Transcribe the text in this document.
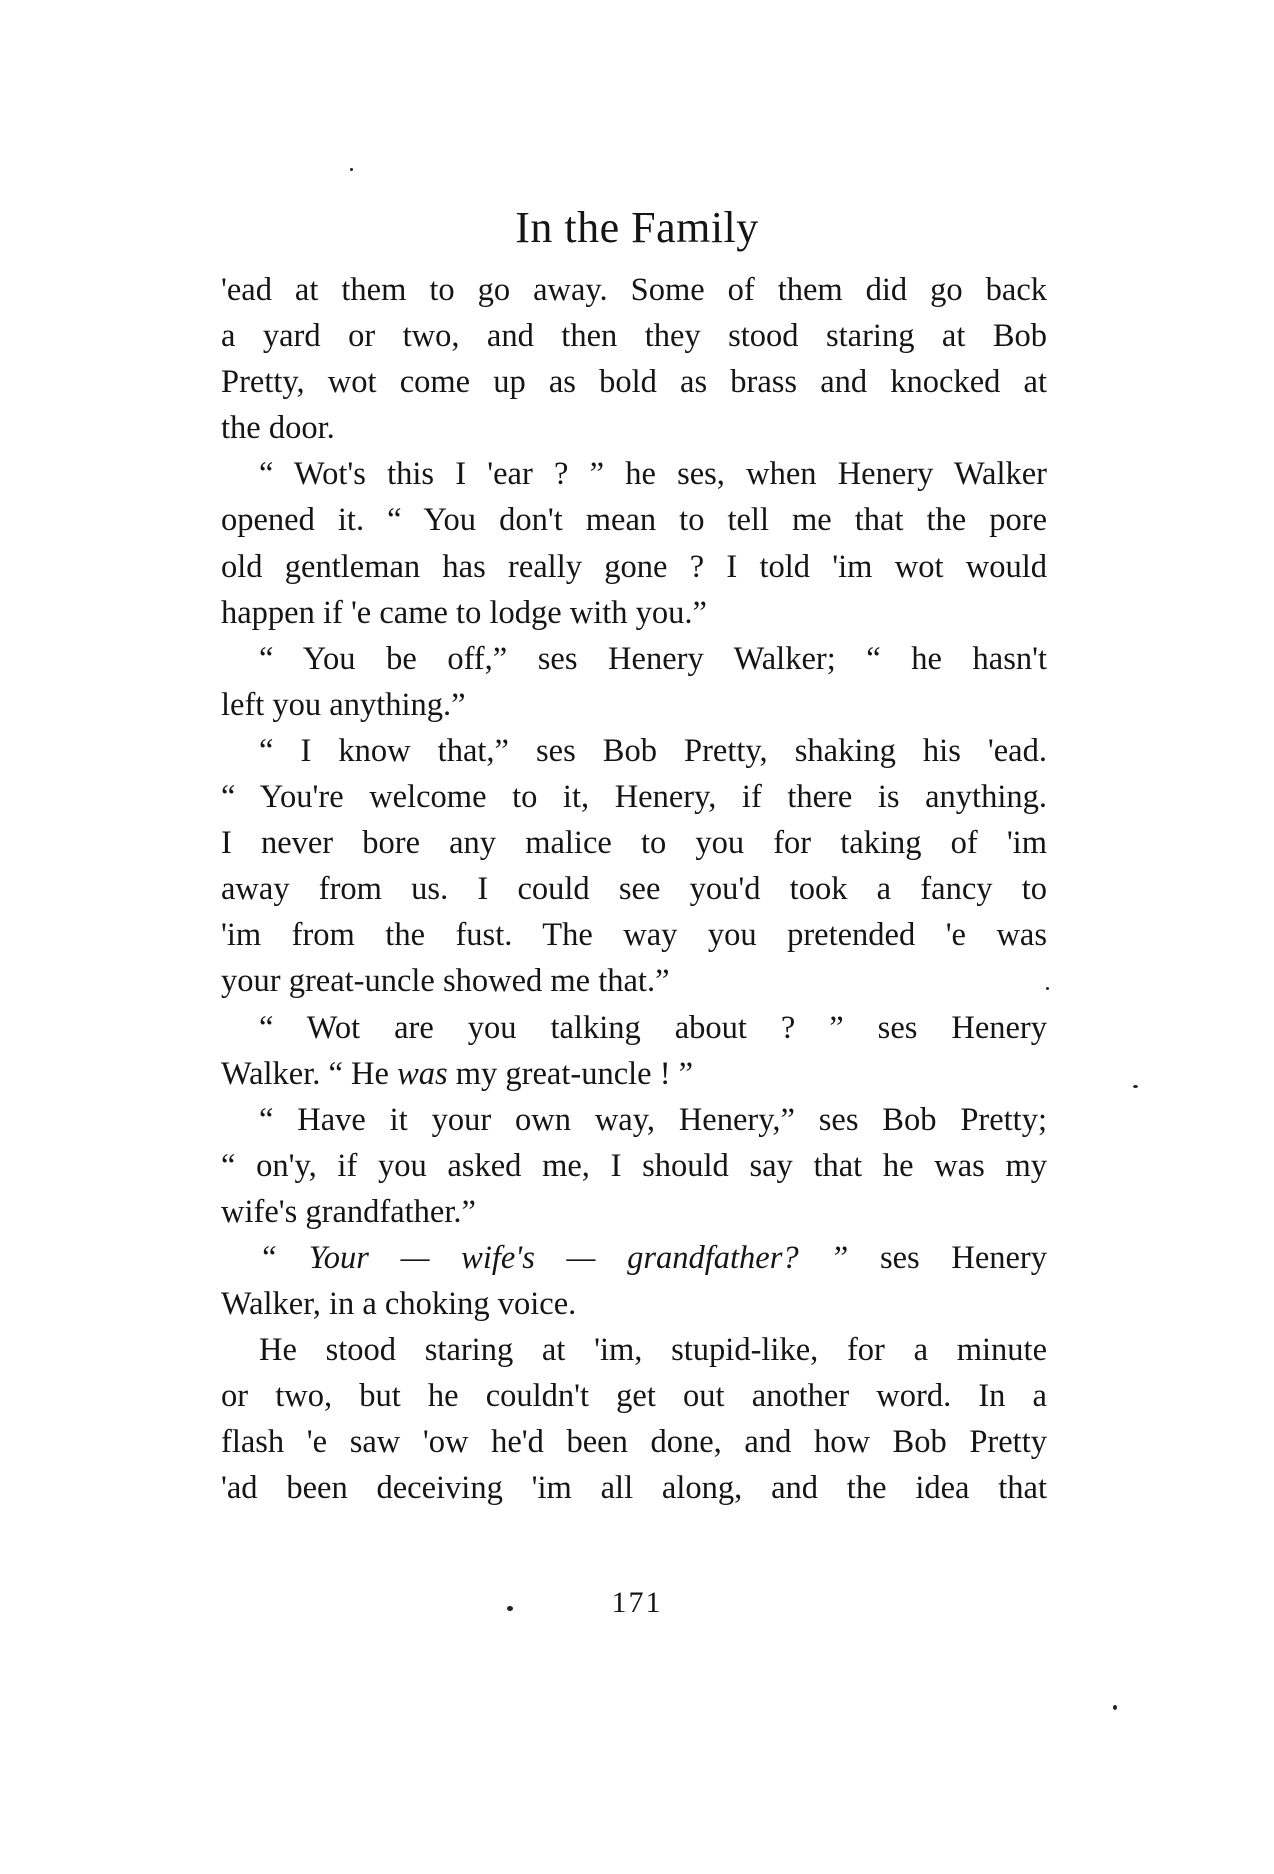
In the Family
'ead at them to go away. Some of them did go back
a yard or two, and then they stood staring at Bob
Pretty, wot come up as bold as brass and knocked at
the door.
“ Wot's this I 'ear ? ” he ses, when Henery Walker
opened it. “ You don't mean to tell me that the pore
old gentleman has really gone ? I told 'im wot would
happen if 'e came to lodge with you.”
“ You be off,” ses Henery Walker; “ he hasn't
left you anything.”
“ I know that,” ses Bob Pretty, shaking his 'ead.
“ You're welcome to it, Henery, if there is anything.
I never bore any malice to you for taking of 'im
away from us. I could see you'd took a fancy to
'im from the fust. The way you pretended 'e was
your great-uncle showed me that.”
“ Wot are you talking about ? ” ses Henery
Walker. “ He was my great-uncle ! ”
“ Have it your own way, Henery,” ses Bob Pretty;
“ on'y, if you asked me, I should say that he was my
wife's grandfather.”
“ Your — wife's — grandfather? ” ses Henery
Walker, in a choking voice.
He stood staring at 'im, stupid-like, for a minute
or two, but he couldn't get out another word. In a
flash 'e saw 'ow he'd been done, and how Bob Pretty
'ad been deceiving 'im all along, and the idea that
171
